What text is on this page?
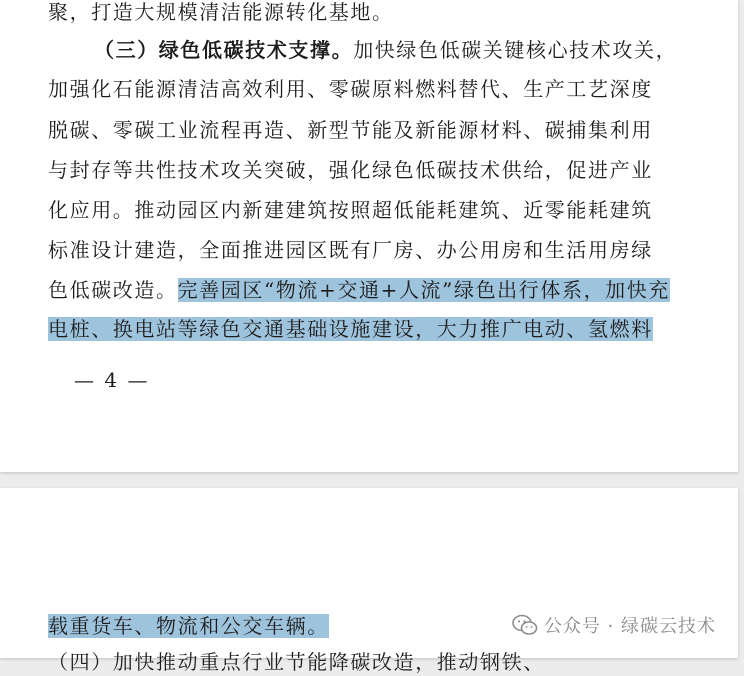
聚，打造大规模清洁能源转化基地。
（三）绿色低碳技术支撑。加快绿色低碳关键核心技术攻关，
加强化石能源清洁高效利用、零碳原料燃料替代、生产工艺深度
脱碳、零碳工业流程再造、新型节能及新能源材料、碳捕集利用
与封存等共性技术攻关突破，强化绿色低碳技术供给，促进产业
化应用。推动园区内新建建筑按照超低能耗建筑、近零能耗建筑
标准设计建造，全面推进园区既有厂房、办公用房和生活用房绿
色低碳改造。完善园区“物流+交通+人流”绿色出行体系，加快充
电桩、换电站等绿色交通基础设施建设，大力推广电动、氢燃料
— 4 —
载重货车、物流和公交车辆。
（四）加快推动重点行业节能降碳改造，推动钢铁、
公众号 · 绿碳云技术
